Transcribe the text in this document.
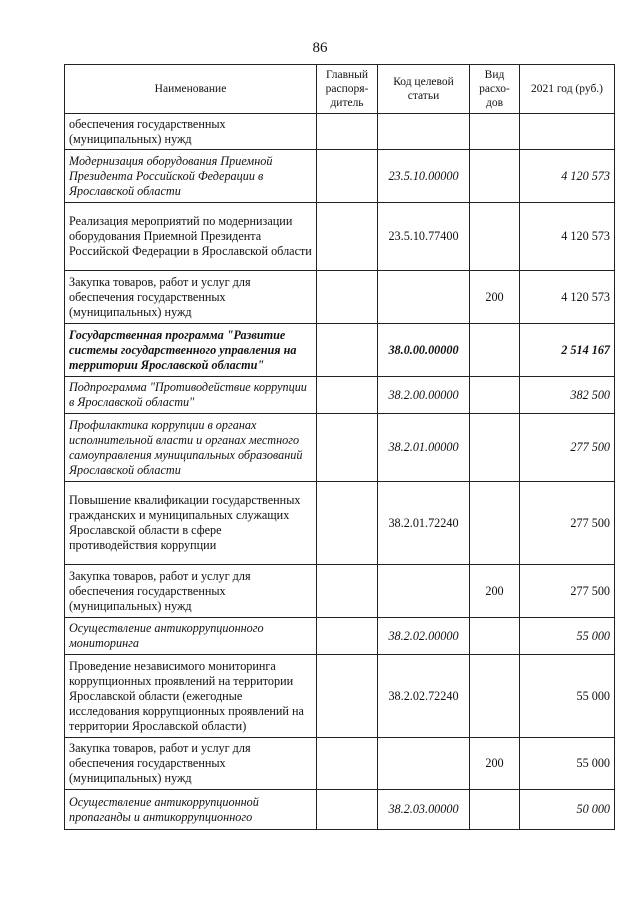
86
Наименование	Главный распоря-дитель	Код целевой статьи	Вид расхо-дов	2021 год (руб.)
обеспечения государственных (муниципальных) нужд				
Модернизация оборудования Приемной Президента Российской Федерации в Ярославской области		23.5.10.00000		4 120 573
Реализация мероприятий по модернизации оборудования Приемной Президента Российской Федерации в Ярославской области		23.5.10.77400		4 120 573
Закупка товаров, работ и услуг для обеспечения государственных (муниципальных) нужд			200	4 120 573
Государственная программа "Развитие системы государственного управления на территории Ярославской области"		38.0.00.00000		2 514 167
Подпрограмма "Противодействие коррупции в Ярославской области"		38.2.00.00000		382 500
Профилактика коррупции в органах исполнительной власти и органах местного самоуправления муниципальных образований Ярославской области		38.2.01.00000		277 500
Повышение квалификации государственных гражданских и муниципальных служащих Ярославской области в сфере противодействия коррупции		38.2.01.72240		277 500
Закупка товаров, работ и услуг для обеспечения государственных (муниципальных) нужд			200	277 500
Осуществление антикоррупционного мониторинга		38.2.02.00000		55 000
Проведение независимого мониторинга коррупционных проявлений на территории Ярославской области (ежегодные исследования коррупционных проявлений на территории Ярославской области)		38.2.02.72240		55 000
Закупка товаров, работ и услуг для обеспечения государственных (муниципальных) нужд			200	55 000
Осуществление антикоррупционной пропаганды и антикоррупционного		38.2.03.00000		50 000
